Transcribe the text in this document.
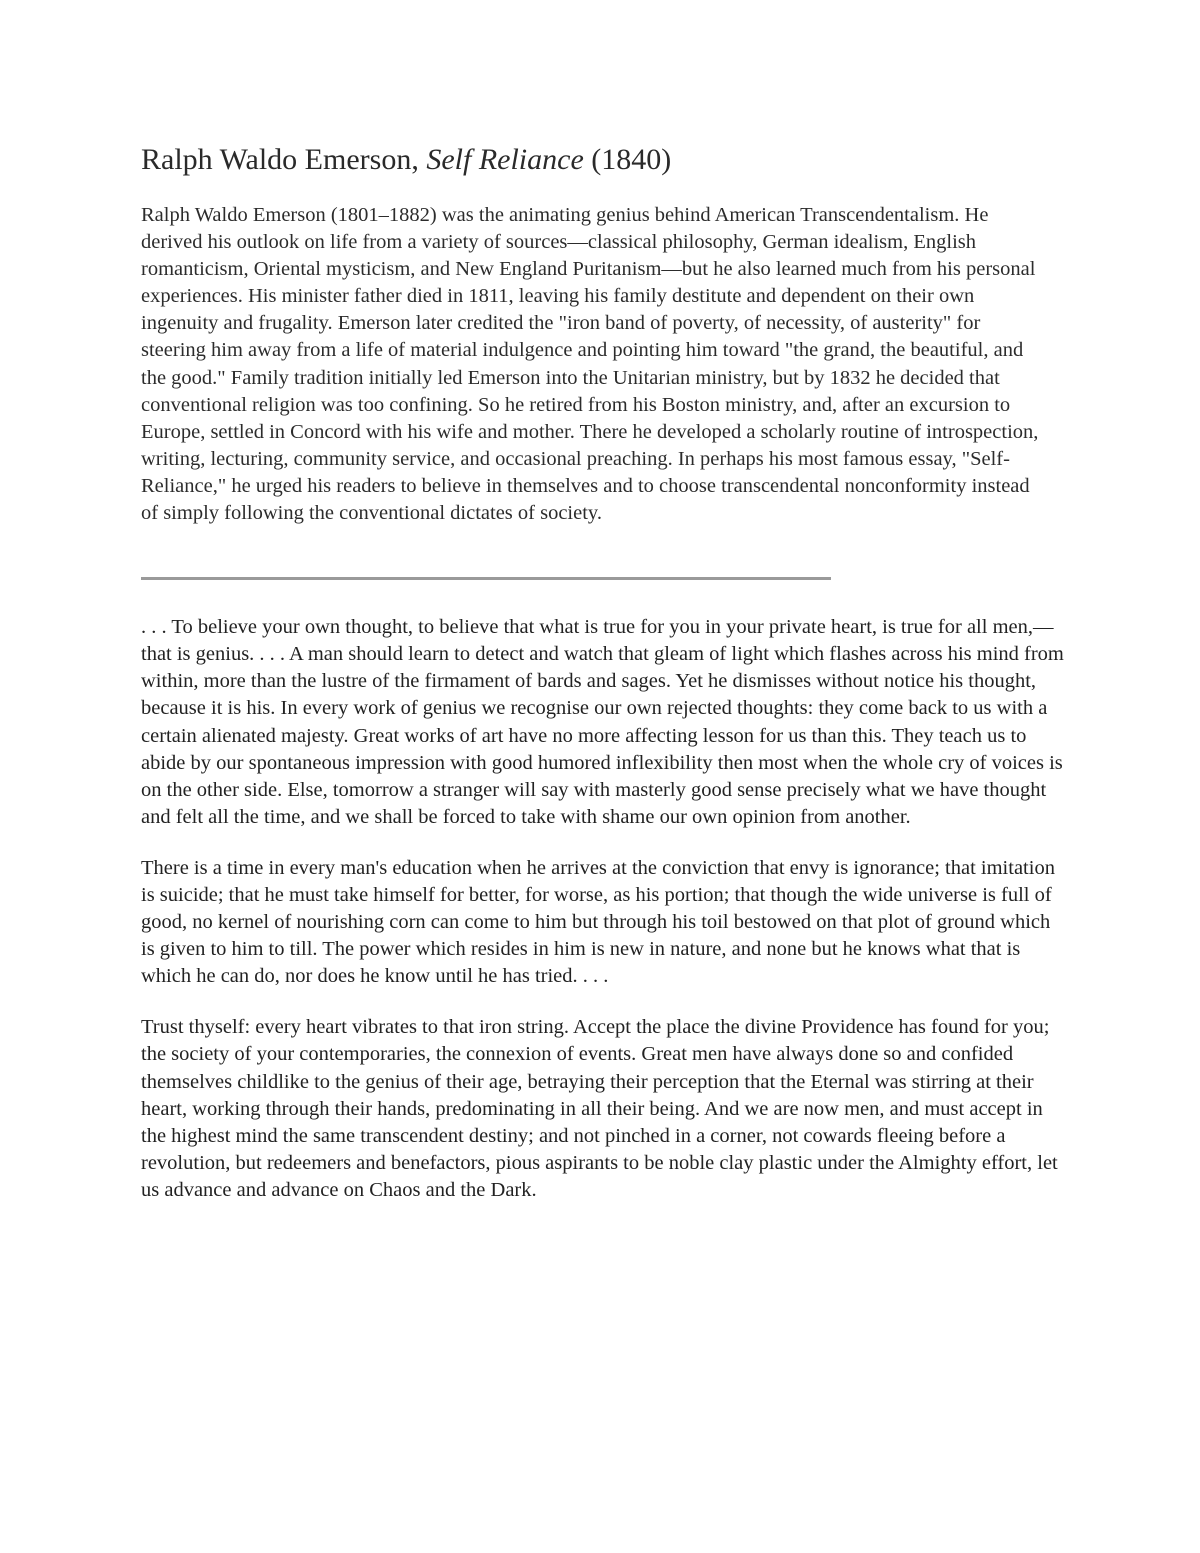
Ralph Waldo Emerson, Self Reliance (1840)

Ralph Waldo Emerson (1801–1882) was the animating genius behind American Transcendentalism. He derived his outlook on life from a variety of sources—classical philosophy, German idealism, English romanticism, Oriental mysticism, and New England Puritanism—but he also learned much from his personal experiences. His minister father died in 1811, leaving his family destitute and dependent on their own ingenuity and frugality. Emerson later credited the "iron band of poverty, of necessity, of austerity" for steering him away from a life of material indulgence and pointing him toward "the grand, the beautiful, and the good." Family tradition initially led Emerson into the Unitarian ministry, but by 1832 he decided that conventional religion was too confining. So he retired from his Boston ministry, and, after an excursion to Europe, settled in Concord with his wife and mother. There he developed a scholarly routine of introspection, writing, lecturing, community service, and occasional preaching. In perhaps his most famous essay, "Self-Reliance," he urged his readers to believe in themselves and to choose transcendental nonconformity instead of simply following the conventional dictates of society.

. . . To believe your own thought, to believe that what is true for you in your private heart, is true for all men,—that is genius. . . . A man should learn to detect and watch that gleam of light which flashes across his mind from within, more than the lustre of the firmament of bards and sages. Yet he dismisses without notice his thought, because it is his. In every work of genius we recognise our own rejected thoughts: they come back to us with a certain alienated majesty. Great works of art have no more affecting lesson for us than this. They teach us to abide by our spontaneous impression with good humored inflexibility then most when the whole cry of voices is on the other side. Else, tomorrow a stranger will say with masterly good sense precisely what we have thought and felt all the time, and we shall be forced to take with shame our own opinion from another.

There is a time in every man's education when he arrives at the conviction that envy is ignorance; that imitation is suicide; that he must take himself for better, for worse, as his portion; that though the wide universe is full of good, no kernel of nourishing corn can come to him but through his toil bestowed on that plot of ground which is given to him to till. The power which resides in him is new in nature, and none but he knows what that is which he can do, nor does he know until he has tried. . . .

Trust thyself: every heart vibrates to that iron string. Accept the place the divine Providence has found for you; the society of your contemporaries, the connexion of events. Great men have always done so and confided themselves childlike to the genius of their age, betraying their perception that the Eternal was stirring at their heart, working through their hands, predominating in all their being. And we are now men, and must accept in the highest mind the same transcendent destiny; and not pinched in a corner, not cowards fleeing before a revolution, but redeemers and benefactors, pious aspirants to be noble clay plastic under the Almighty effort, let us advance and advance on Chaos and the Dark.
